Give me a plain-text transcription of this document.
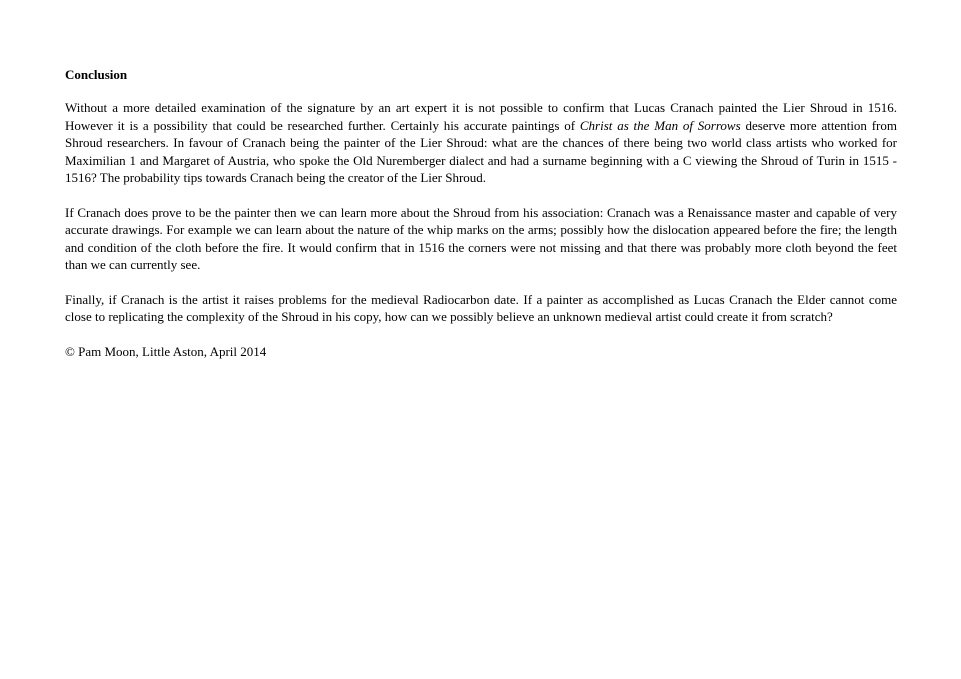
Conclusion

Without a more detailed examination of the signature by an art expert it is not possible to confirm that Lucas Cranach painted the Lier Shroud in 1516. However it is a possibility that could be researched further. Certainly his accurate paintings of Christ as the Man of Sorrows deserve more attention from Shroud researchers. In favour of Cranach being the painter of the Lier Shroud: what are the chances of there being two world class artists who worked for Maximilian 1 and Margaret of Austria, who spoke the Old Nuremberger dialect and had a surname beginning with a C viewing the Shroud of Turin in 1515 - 1516? The probability tips towards Cranach being the creator of the Lier Shroud.

If Cranach does prove to be the painter then we can learn more about the Shroud from his association: Cranach was a Renaissance master and capable of very accurate drawings. For example we can learn about the nature of the whip marks on the arms; possibly how the dislocation appeared before the fire; the length and condition of the cloth before the fire. It would confirm that in 1516 the corners were not missing and that there was probably more cloth beyond the feet than we can currently see.

Finally, if Cranach is the artist it raises problems for the medieval Radiocarbon date. If a painter as accomplished as Lucas Cranach the Elder cannot come close to replicating the complexity of the Shroud in his copy, how can we possibly believe an unknown medieval artist could create it from scratch?

© Pam Moon, Little Aston, April 2014
